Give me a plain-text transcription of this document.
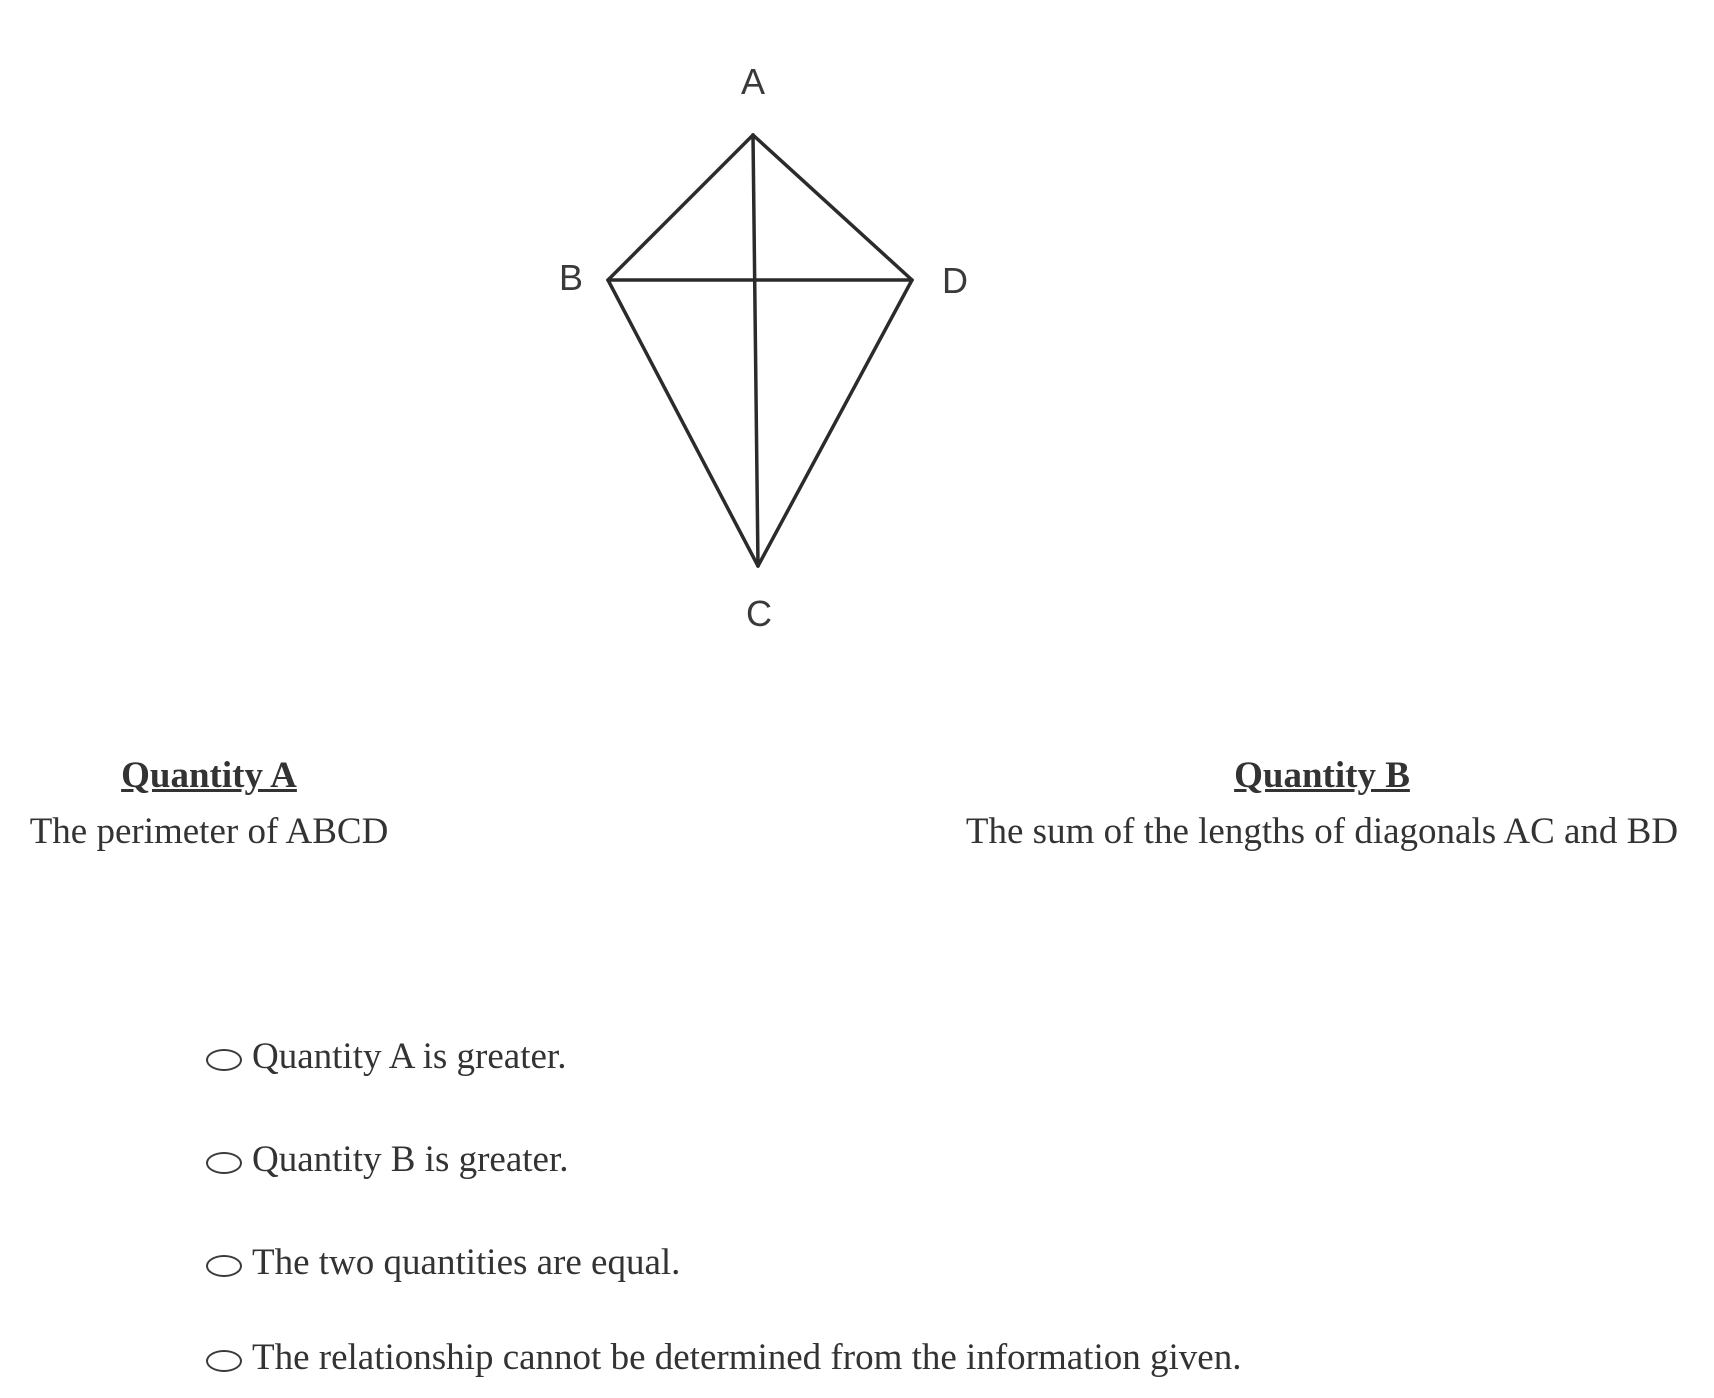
A
B	D
C
Quantity A
The perimeter of ABCD
Quantity B
The sum of the lengths of diagonals AC and BD
Quantity A is greater.
Quantity B is greater.
The two quantities are equal.
The relationship cannot be determined from the information given.
